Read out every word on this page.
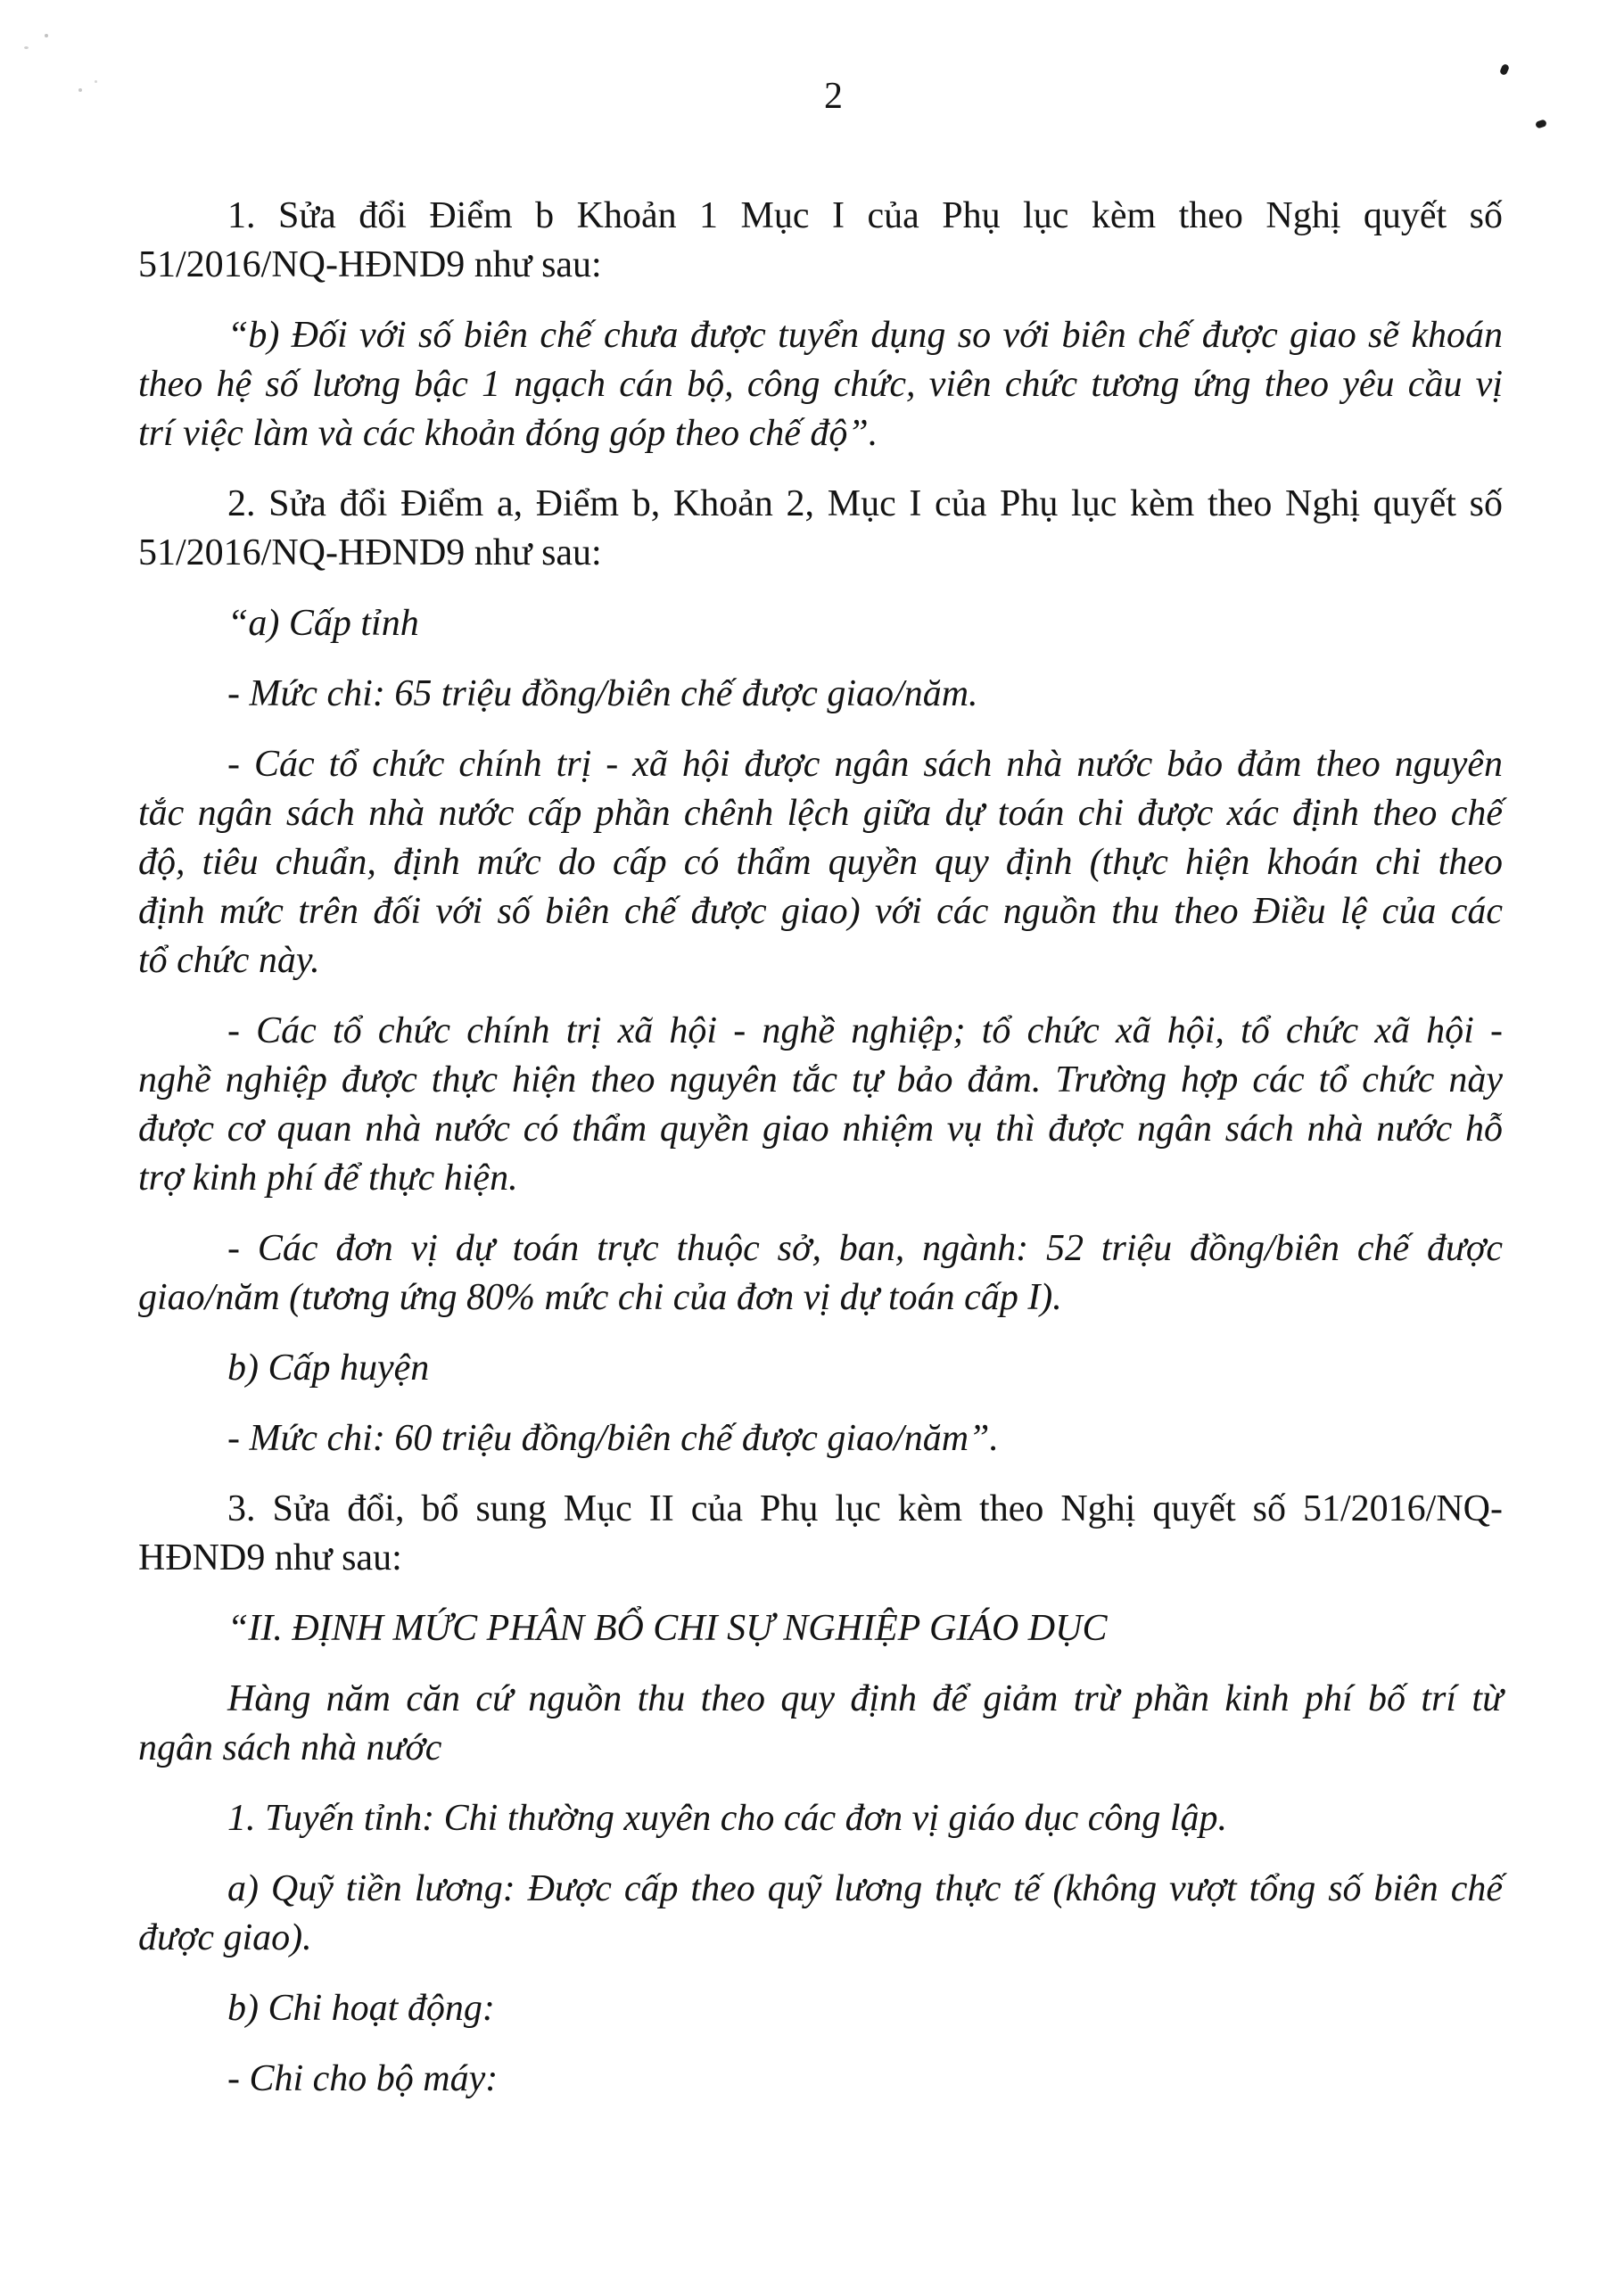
2

1. Sửa đổi Điểm b Khoản 1 Mục I của Phụ lục kèm theo Nghị quyết số
51/2016/NQ-HĐND9 như sau:

“b) Đối với số biên chế chưa được tuyển dụng so với biên chế được giao sẽ khoán
theo hệ số lương bậc 1 ngạch cán bộ, công chức, viên chức tương ứng theo yêu cầu vị
trí việc làm và các khoản đóng góp theo chế độ”.

2. Sửa đổi Điểm a, Điểm b, Khoản 2, Mục I của Phụ lục kèm theo Nghị quyết số
51/2016/NQ-HĐND9 như sau:

“a) Cấp tỉnh

- Mức chi: 65 triệu đồng/biên chế được giao/năm.

- Các tổ chức chính trị - xã hội được ngân sách nhà nước bảo đảm theo nguyên
tắc ngân sách nhà nước cấp phần chênh lệch giữa dự toán chi được xác định theo chế
độ, tiêu chuẩn, định mức do cấp có thẩm quyền quy định (thực hiện khoán chi theo
định mức trên đối với số biên chế được giao) với các nguồn thu theo Điều lệ của các
tổ chức này.

- Các tổ chức chính trị xã hội - nghề nghiệp; tổ chức xã hội, tổ chức xã hội -
nghề nghiệp được thực hiện theo nguyên tắc tự bảo đảm. Trường hợp các tổ chức này
được cơ quan nhà nước có thẩm quyền giao nhiệm vụ thì được ngân sách nhà nước hỗ
trợ kinh phí để thực hiện.

- Các đơn vị dự toán trực thuộc sở, ban, ngành: 52 triệu đồng/biên chế được
giao/năm (tương ứng 80% mức chi của đơn vị dự toán cấp I).

b) Cấp huyện

- Mức chi: 60 triệu đồng/biên chế được giao/năm”.

3. Sửa đổi, bổ sung Mục II của Phụ lục kèm theo Nghị quyết số 51/2016/NQ-
HĐND9 như sau:

“II. ĐỊNH MỨC PHÂN BỔ CHI SỰ NGHIỆP GIÁO DỤC

Hàng năm căn cứ nguồn thu theo quy định để giảm trừ phần kinh phí bố trí từ
ngân sách nhà nước

1. Tuyến tỉnh: Chi thường xuyên cho các đơn vị giáo dục công lập.

a) Quỹ tiền lương: Được cấp theo quỹ lương thực tế (không vượt tổng số biên chế
được giao).

b) Chi hoạt động:

- Chi cho bộ máy:
